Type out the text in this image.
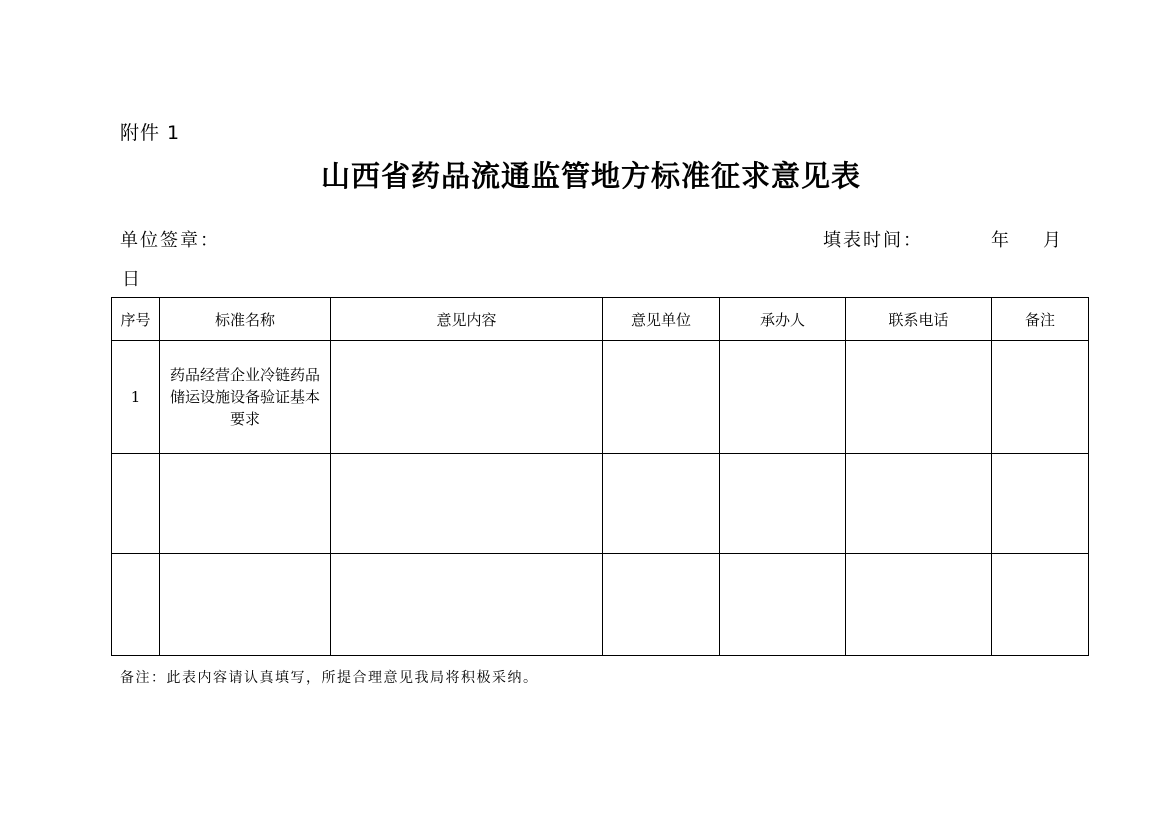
附件 1
山西省药品流通监管地方标准征求意见表
单位签章：	填表时间：	年 月
日
序号	标准名称	意见内容	意见单位	承办人	联系电话	备注
1	药品经营企业冷链药品储运设施设备验证基本要求					

备注：此表内容请认真填写，所提合理意见我局将积极采纳。
